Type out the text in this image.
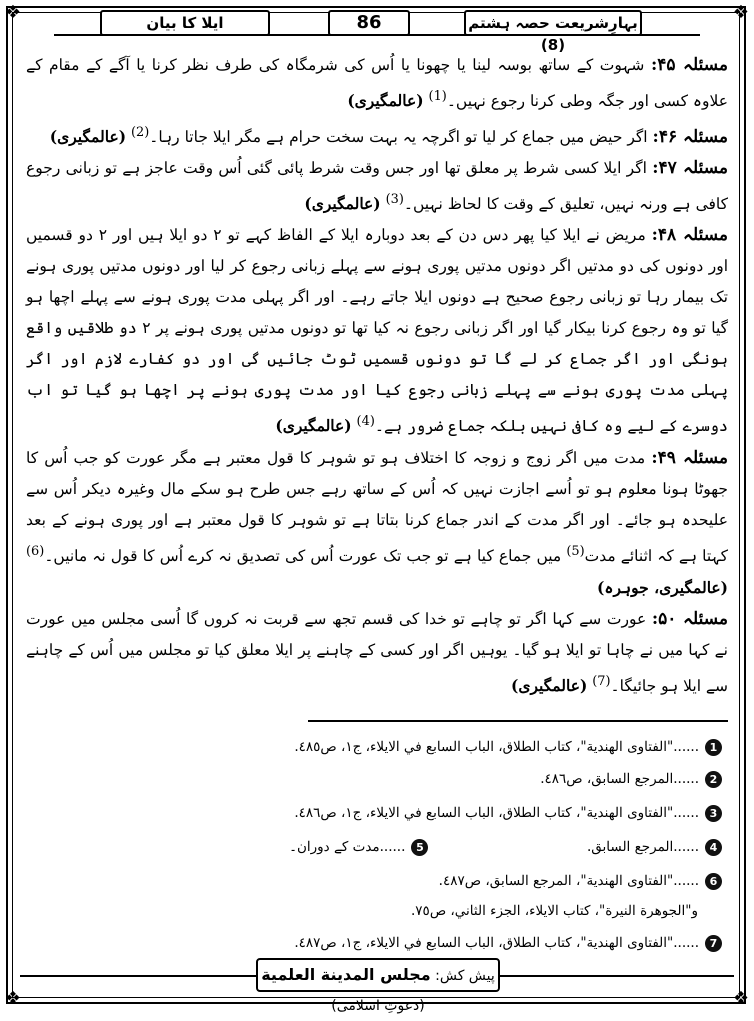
❖	❖
❖	❖
بہارِشریعت حصہ ہشتم (8)
86
ایلا کا بیان

مسئلہ ۴۵: شہوت کے ساتھ بوسہ لینا یا چھونا یا اُس کی شرمگاہ کی طرف نظر کرنا یا آگے کے مقام کے علاوہ کسی اور جگہ وطی کرنا رجوع نہیں۔$^{(1)}$ (عالمگیری)

مسئلہ ۴۶: اگر حیض میں جماع کر لیا تو اگرچہ یہ بہت سخت حرام ہے مگر ایلا جاتا رہا۔$^{(2)}$ (عالمگیری)

مسئلہ ۴۷: اگر ایلا کسی شرط پر معلق تھا اور جس وقت شرط پائی گئی اُس وقت عاجز ہے تو زبانی رجوع کافی ہے ورنہ نہیں، تعلیق کے وقت کا لحاظ نہیں۔$^{(3)}$ (عالمگیری)

مسئلہ ۴۸: مریض نے ایلا کیا پھر دس دن کے بعد دوبارہ ایلا کے الفاظ کہے تو ۲ دو ایلا ہیں اور ۲ دو قسمیں اور دونوں کی دو مدتیں اگر دونوں مدتیں پوری ہونے سے پہلے زبانی رجوع کر لیا اور دونوں مدتیں پوری ہونے تک بیمار رہا تو زبانی رجوع صحیح ہے دونوں ایلا جاتے رہے۔ اور اگر پہلی مدت پوری ہونے سے پہلے اچھا ہو گیا تو وہ رجوع کرنا بیکار گیا اور اگر زبانی رجوع نہ کیا تھا تو دونوں مدتیں پوری ہونے پر ۲ دو طلاقیں واقع ہونگی اور اگر جماع کر لے گا تو دونوں قسمیں ٹوٹ جائیں گی اور دو کفارے لازم اور اگر پہلی مدت پوری ہونے سے پہلے زبانی رجوع کیا اور مدت پوری ہونے پر اچھا ہو گیا تو اب دوسرے کے لیے وہ کافی نہیں بلکہ جماع ضرور ہے۔$^{(4)}$ (عالمگیری)

مسئلہ ۴۹: مدت میں اگر زوج و زوجہ کا اختلاف ہو تو شوہر کا قول معتبر ہے مگر عورت کو جب اُس کا جھوٹا ہونا معلوم ہو تو اُسے اجازت نہیں کہ اُس کے ساتھ رہے جس طرح ہو سکے مال وغیرہ دیکر اُس سے علیحدہ ہو جائے۔ اور اگر مدت کے اندر جماع کرنا بتاتا ہے تو شوہر کا قول معتبر ہے اور پوری ہونے کے بعد کہتا ہے کہ اثنائے مدت$^{(5)}$ میں جماع کیا ہے تو جب تک عورت اُس کی تصدیق نہ کرے اُس کا قول نہ مانیں۔$^{(6)}$ (عالمگیری، جوہرہ)

مسئلہ ۵۰: عورت سے کہا اگر تو چاہے تو خدا کی قسم تجھ سے قربت نہ کروں گا اُسی مجلس میں عورت نے کہا میں نے چاہا تو ایلا ہو گیا۔ یوہیں اگر اور کسی کے چاہنے پر ایلا معلق کیا تو مجلس میں اُس کے چاہنے سے ایلا ہو جائیگا۔$^{(7)}$ (عالمگیری)

1......"الفتاوى الهندية"، كتاب الطلاق، الباب السابع في الايلاء، ج١، ص٤٨٥.
2......المرجع السابق، ص٤٨٦.
3......"الفتاوى الهندية"، كتاب الطلاق، الباب السابع في الايلاء، ج١، ص٤٨٦.
4......المرجع السابق.  5......مدت کے دوران۔
6......"الفتاوى الهندية"، المرجع السابق، ص٤٨٧.
و"الجوهرة النيرة"، كتاب الايلاء، الجزء الثاني، ص٧٥.
7......"الفتاوى الهندية"، كتاب الطلاق، الباب السابع في الايلاء، ج١، ص٤٨٧.
پیش کش: مجلس المدينة العلمية (دعوتِ اسلامی)
